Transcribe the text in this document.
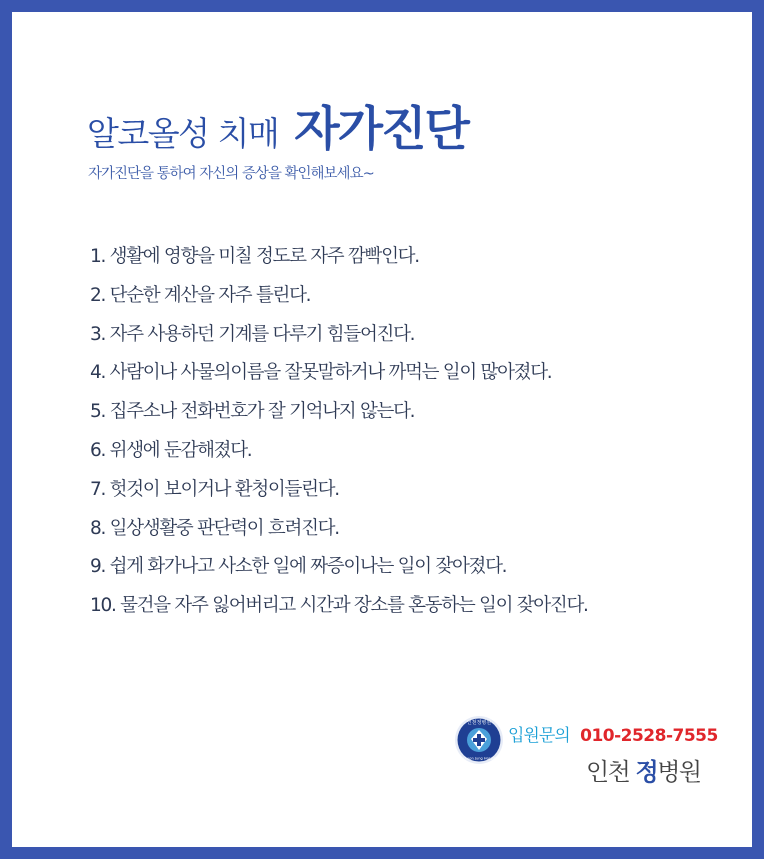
알코올성 치매 자가진단
자가진단을 통하여 자신의 증상을 확인해보세요~
1. 생활에 영향을 미칠 정도로 자주 깜빡인다.
2. 단순한 계산을 자주 틀린다.
3. 자주 사용하던 기계를 다루기 힘들어진다.
4. 사람이나 사물의이름을 잘못말하거나 까먹는 일이 많아졌다.
5. 집주소나 전화번호가 잘 기억나지 않는다.
6. 위생에 둔감해졌다.
7. 헛것이 보이거나 환청이들린다.
8. 일상생활중 판단력이 흐려진다.
9. 쉽게 화가나고 사소한 일에 짜증이나는 일이 잦아졌다.
10. 물건을 자주 잃어버리고 시간과 장소를 혼동하는 일이 잦아진다.
인천정병원
Incheon Jung Hospital
입원문의 010-2528-7555
인천 정병원
